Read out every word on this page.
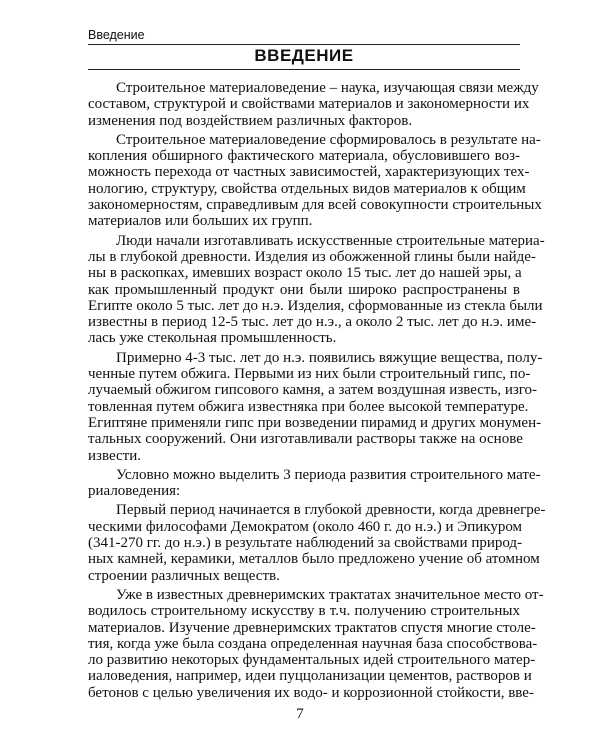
Введение
ВВЕДЕНИЕ

Строительное материаловедение – наука, изучающая связи между
составом, структурой и свойствами материалов и закономерности их
изменения под воздействием различных факторов.

Строительное материаловедение сформировалось в результате на-
копления обширного фактического материала, обусловившего воз-
можность перехода от частных зависимостей, характеризующих тех-
нологию, структуру, свойства отдельных видов материалов к общим
закономерностям, справедливым для всей совокупности строительных
материалов или больших их групп.

Люди начали изготавливать искусственные строительные материа-
лы в глубокой древности. Изделия из обожженной глины были найде-
ны в раскопках, имевших возраст около 15 тыс. лет до нашей эры, а
как промышленный продукт они были широко распространены в
Египте около 5 тыс. лет до н.э. Изделия, сформованные из стекла были
известны в период 12-5 тыс. лет до н.э., а около 2 тыс. лет до н.э. име-
лась уже стекольная промышленность.

Примерно 4-3 тыс. лет до н.э. появились вяжущие вещества, полу-
ченные путем обжига. Первыми из них были строительный гипс, по-
лучаемый обжигом гипсового камня, а затем воздушная известь, изго-
товленная путем обжига известняка при более высокой температуре.
Египтяне применяли гипс при возведении пирамид и других монумен-
тальных сооружений. Они изготавливали растворы также на основе
извести.

Условно можно выделить 3 периода развития строительного мате-
риаловедения:

Первый период начинается в глубокой древности, когда древнегре-
ческими философами Демократом (около 460 г. до н.э.) и Эпикуром
(341-270 гг. до н.э.) в результате наблюдений за свойствами природ-
ных камней, керамики, металлов было предложено учение об атомном
строении различных веществ.

Уже в известных древнеримских трактатах значительное место от-
водилось строительному искусству в т.ч. получению строительных
материалов. Изучение древнеримских трактатов спустя многие столе-
тия, когда уже была создана определенная научная база способствова-
ло развитию некоторых фундаментальных идей строительного матер-
иаловедения, например, идеи пуццоланизации цементов, растворов и
бетонов с целью увеличения их водо- и коррозионной стойкости, вве-

7
